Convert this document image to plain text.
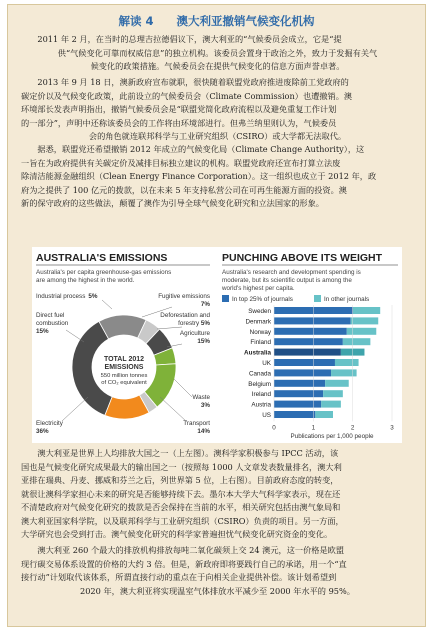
解读 4　　澳大利亚撤销气候变化机构
2011 年 2 月，在当时的总理吉拉德倡议下，澳大利亚的“气候委员会成立，它是“提
供“气候变化可靠而权威信息”的独立机构。该委员会置身于政治之外，致力于发掘有关气
候变化的政策措施。气候委员会在提供气候变化的信息方面声誉卓著。
2013 年 9 月 18 日，澳新政府宣布就职，很快随着联盟党政府推进废除前工党政府的
碳定价以及气候变化政策，此前设立的气候委员会（Climate Commission）也遭撤销。澳
环境部长发表声明指出，撤销气候委员会是“联盟党简化政府流程以及避免重复工作计划
的一部分”，声明中还称该委员会的工作将由环境部进行。但弗兰纳里则认为，气候委员
会的角色就连联邦科学与工业研究组织（CSIRO）或大学都无法取代。
据悉，联盟党还希望撤销 2012 年成立的气候变化局（Climate Change Authority），这
一旨在为政府提供有关碳定价及减排目标独立建议的机构。联盟党政府还宣布打算立法废
除清洁能源金融组织（Clean Energy Finance Corporation）。这一组织也成立于 2012 年，政
府为之提供了 100 亿元的拨款，以在未来 5 年支持私营公司在可再生能源方面的投资。澳
新的保守政府的这些做法，颠覆了澳作为引导全球气候变化研究和立法国家的形象。
澳大利亚是世界上人均排放大国之一（上左图）。澳科学家积极参与 IPCC 活动，该
国也是气候变化研究成果最大的输出国之一（按照每 1000 人文章发表数量排名，澳大利
亚排在瑞典、丹麦、挪威和芬兰之后，列世界第 5 位，上右图）。目前政府态度的转变，
就很让澳科学家担心未来的研究是否能够持续下去。墨尔本大学大气科学家表示，现在还
不清楚政府对气候变化研究的拨款是否会保持在当前的水平，相关研究包括由澳气象局和
澳大利亚国家科学院，以及联邦科学与工业研究组织（CSIRO）负责的项目。另一方面，
大学研究也会受到打击。澳气候变化研究的科学家普遍担忧气候变化研究资金的变化。
澳大利亚 260 个最大的排放机构排放每吨二氧化碳须上交 24 澳元，这一价格是欧盟
现行碳交易体系设置的价格的大约 3 倍。但是，新政府即将要践行自己的承诺，用一个“直
接行动”计划取代该体系，所谓直接行动的重点在于向相关企业提供补偿。该计划希望到
2020 年，澳大利亚将实现温室气体排放水平减少至 2000 年水平的 95%。
AUSTRALIA'S EMISSIONS
Australia's per capita greenhouse-gas emissions
are among the highest in the world.
TOTAL 2012
EMISSIONS
550 million tonnes
of CO₂ equivalent
Industrial process 5%
Direct fuel
combustion
15%
Electricity
36%
Fugitive emissions
7%
Deforestation and
forestry 5%
Agriculture
15%
Waste
3%
Transport
14%
PUNCHING ABOVE ITS WEIGHT
Australia's research and development spending is
moderate, but its scientific output is among the
world's highest per capita.
In top 25% of journals	In other journals
Sweden
Denmark
Norway
Finland
Australia
UK
Canada
Belgium
Ireland
Austria
US
0	1	2	3
Publications per 1,000 people
